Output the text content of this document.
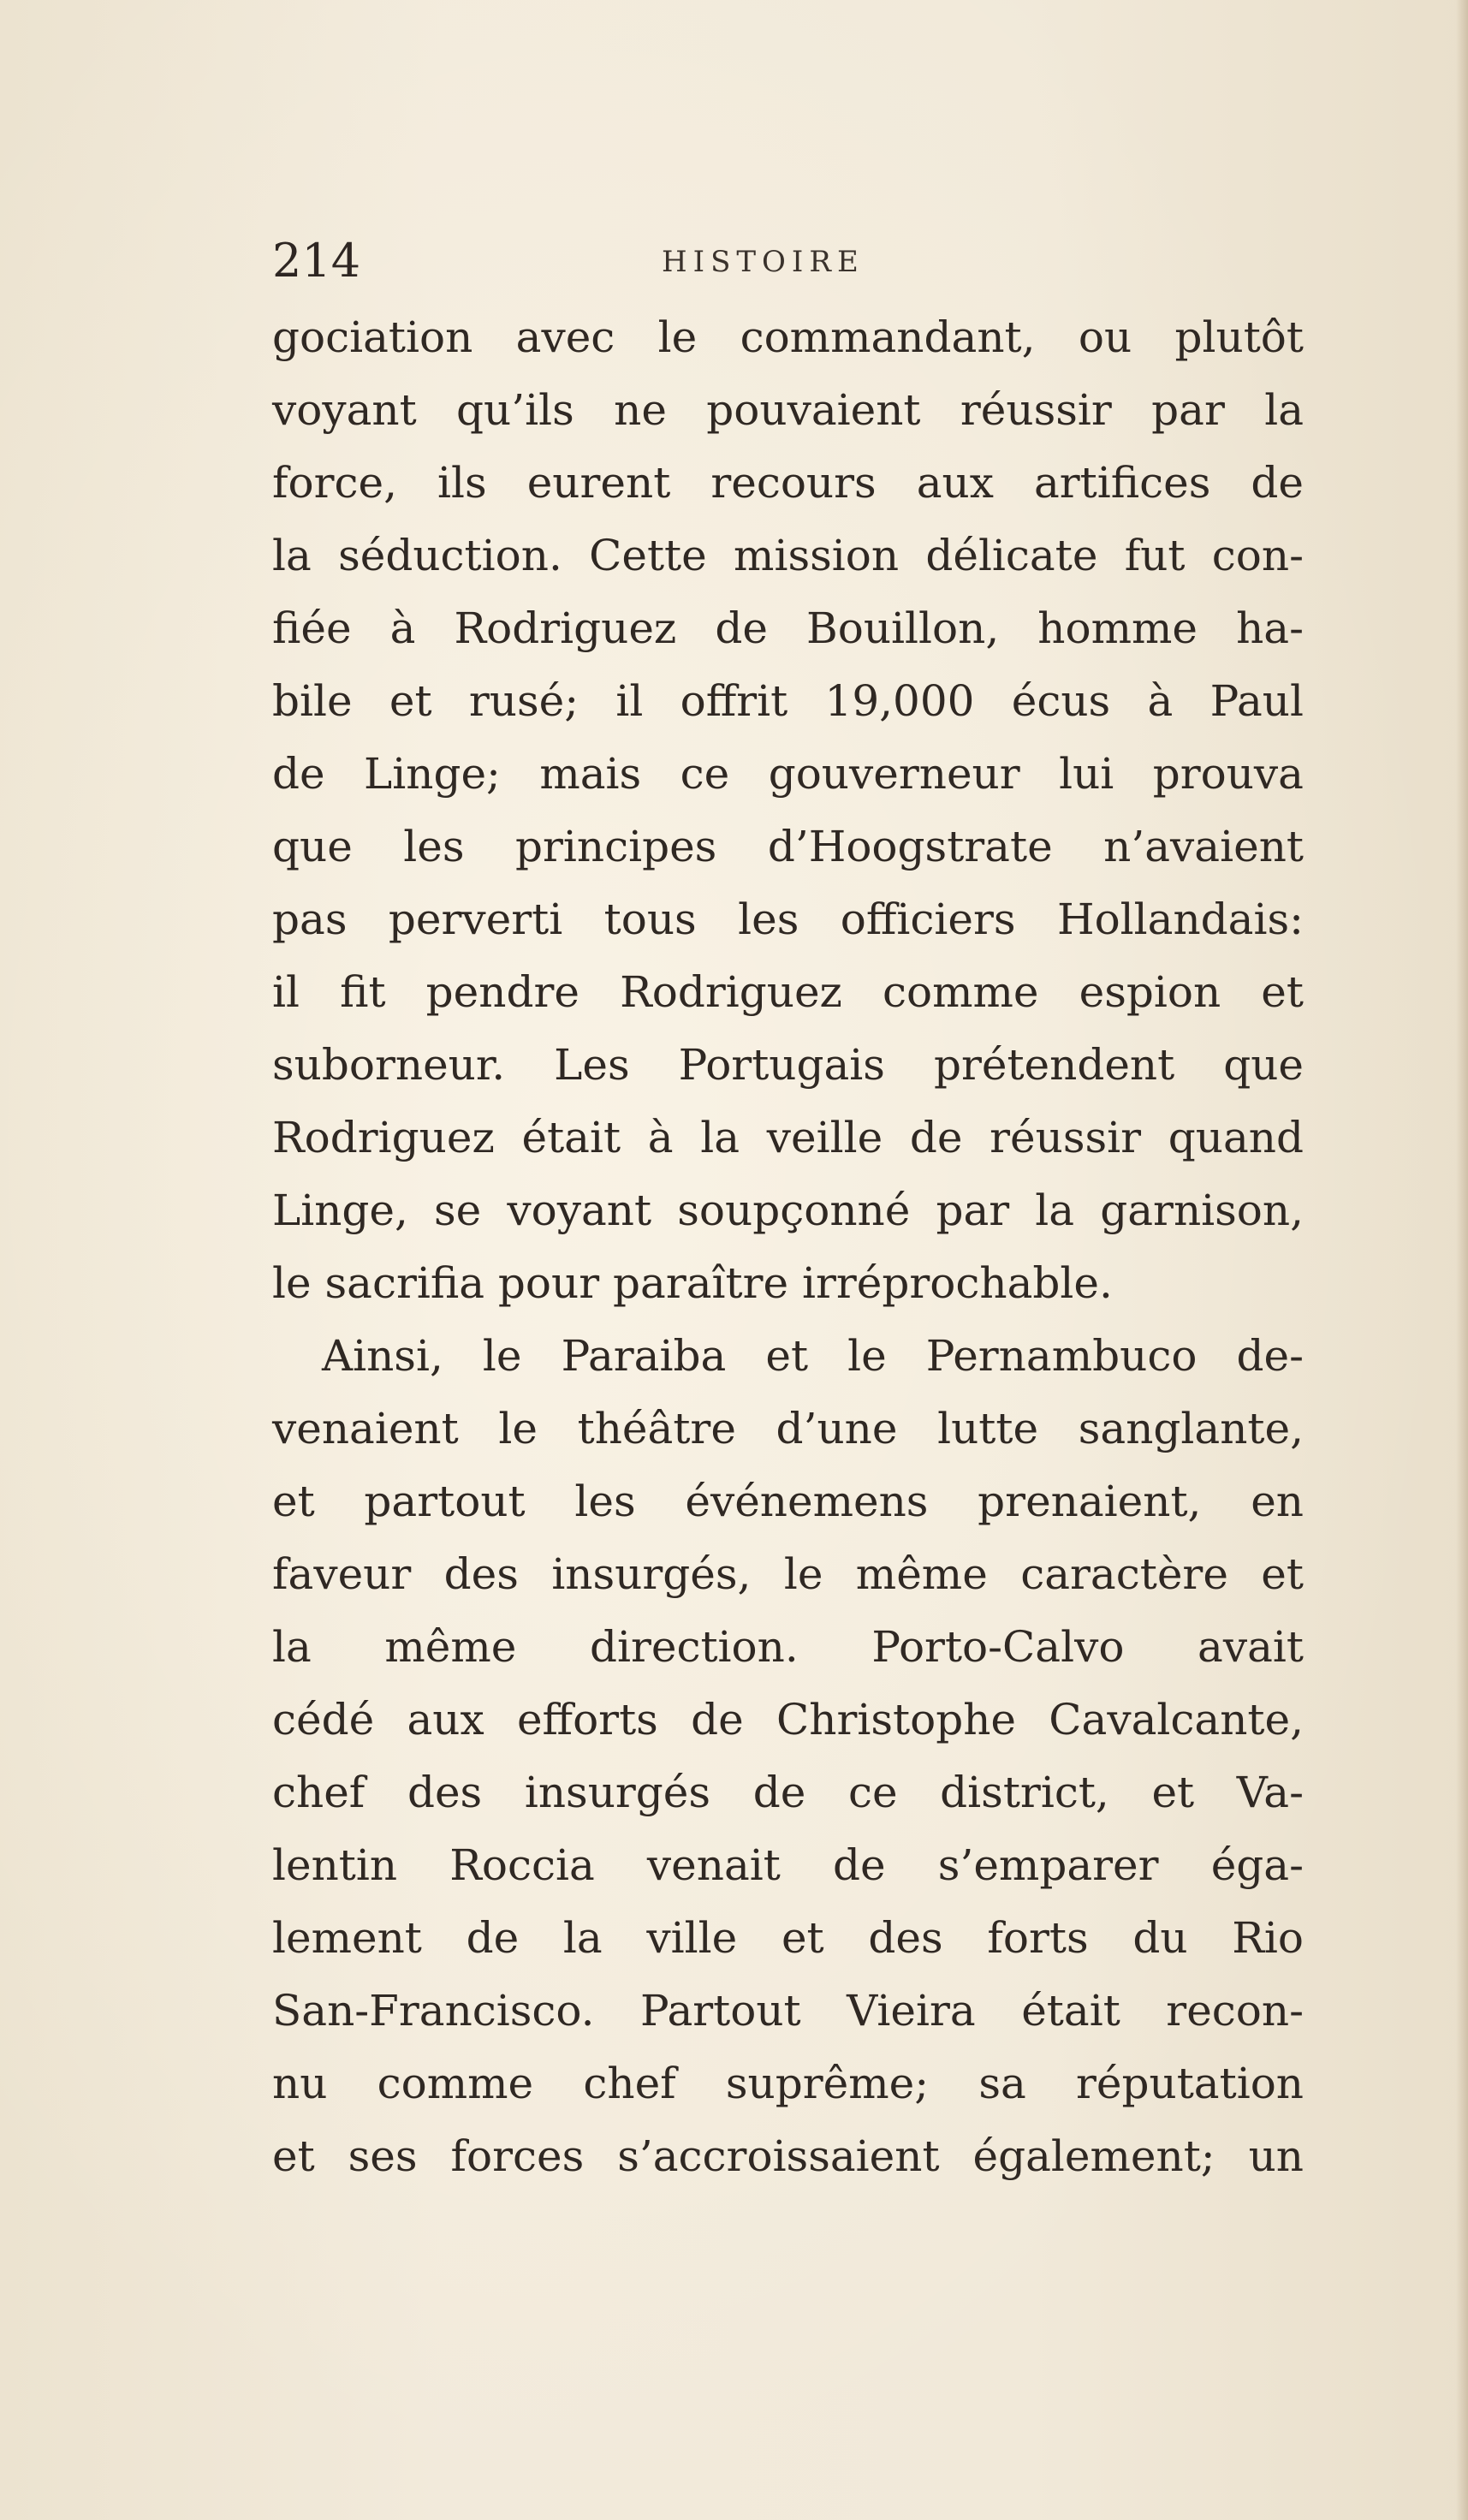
214	HISTOIRE
gociation avec le commandant, ou plutôt
voyant qu’ils ne pouvaient réussir par la
force, ils eurent recours aux artifices de
la séduction. Cette mission délicate fut con-
fiée à Rodriguez de Bouillon, homme ha-
bile et rusé; il offrit 19,000 écus à Paul
de Linge; mais ce gouverneur lui prouva
que les principes d’Hoogstrate n’avaient
pas perverti tous les officiers Hollandais:
il fit pendre Rodriguez comme espion et
suborneur. Les Portugais prétendent que
Rodriguez était à la veille de réussir quand
Linge, se voyant soupçonné par la garnison,
le sacrifia pour paraître irréprochable.
Ainsi, le Paraiba et le Pernambuco de-
venaient le théâtre d’une lutte sanglante,
et partout les événemens prenaient, en
faveur des insurgés, le même caractère et
la même direction. Porto-Calvo avait
cédé aux efforts de Christophe Cavalcante,
chef des insurgés de ce district, et Va-
lentin Roccia venait de s’emparer éga-
lement de la ville et des forts du Rio
San-Francisco. Partout Vieira était recon-
nu comme chef suprême; sa réputation
et ses forces s’accroissaient également; un
